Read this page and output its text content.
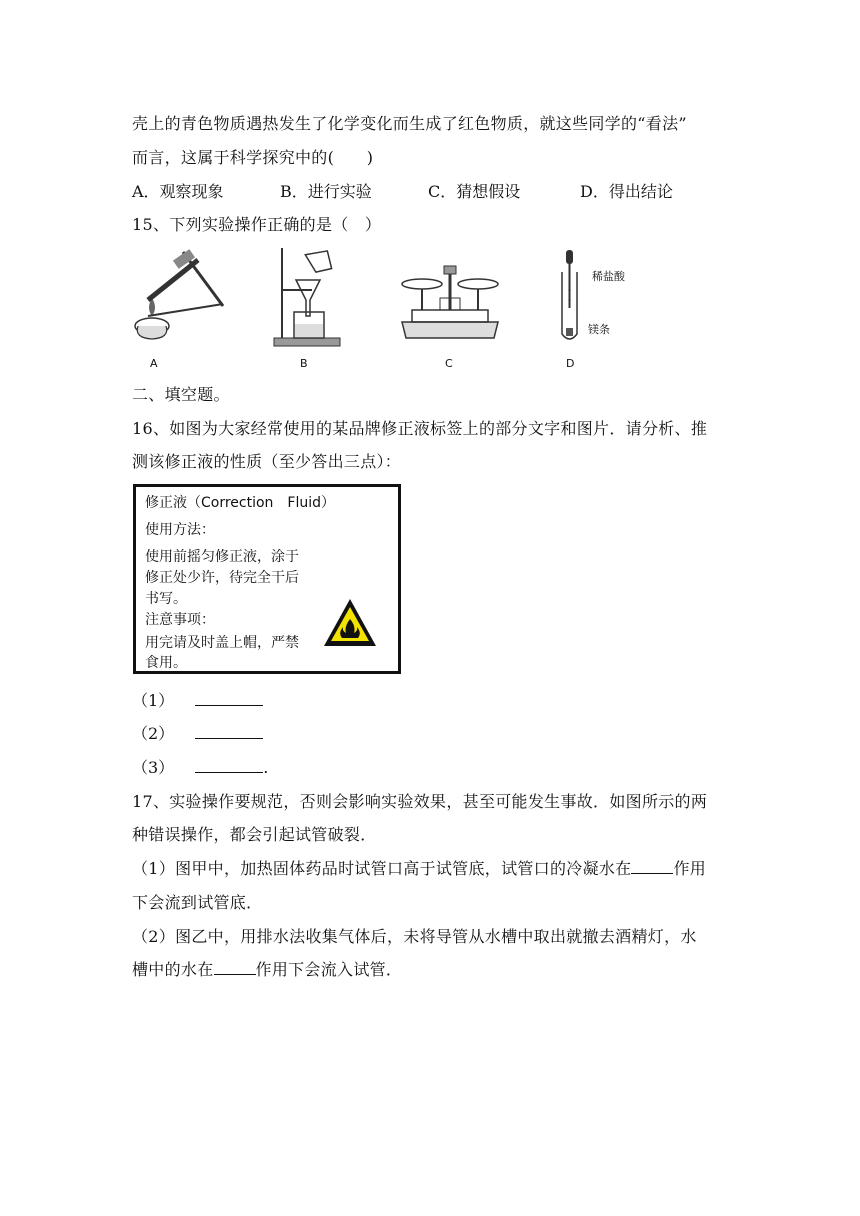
壳上的青色物质遇热发生了化学变化而生成了红色物质，就这些同学的“看法”
而言，这属于科学探究中的(　　)
A．观察现象	B．进行实验	C．猜想假设	D．得出结论
15、下列实验操作正确的是（　）
A	B	C
稀盐酸
镁条
D
二、填空题。
16、如图为大家经常使用的某品牌修正液标签上的部分文字和图片．请分析、推
测该修正液的性质（至少答出三点）：
修正液（Correction　Fluid）
使用方法：
使用前摇匀修正液，涂于
修正处少许，待完全干后
书写。
注意事项：
用完请及时盖上帽，严禁
食用。
（1）
（2）
（3）	.
17、实验操作要规范，否则会影响实验效果，甚至可能发生事故．如图所示的两
种错误操作，都会引起试管破裂．
（1）图甲中，加热固体药品时试管口高于试管底，试管口的冷凝水在	作用
下会流到试管底．
（2）图乙中，用排水法收集气体后，未将导管从水槽中取出就撤去酒精灯，水
槽中的水在	作用下会流入试管．
